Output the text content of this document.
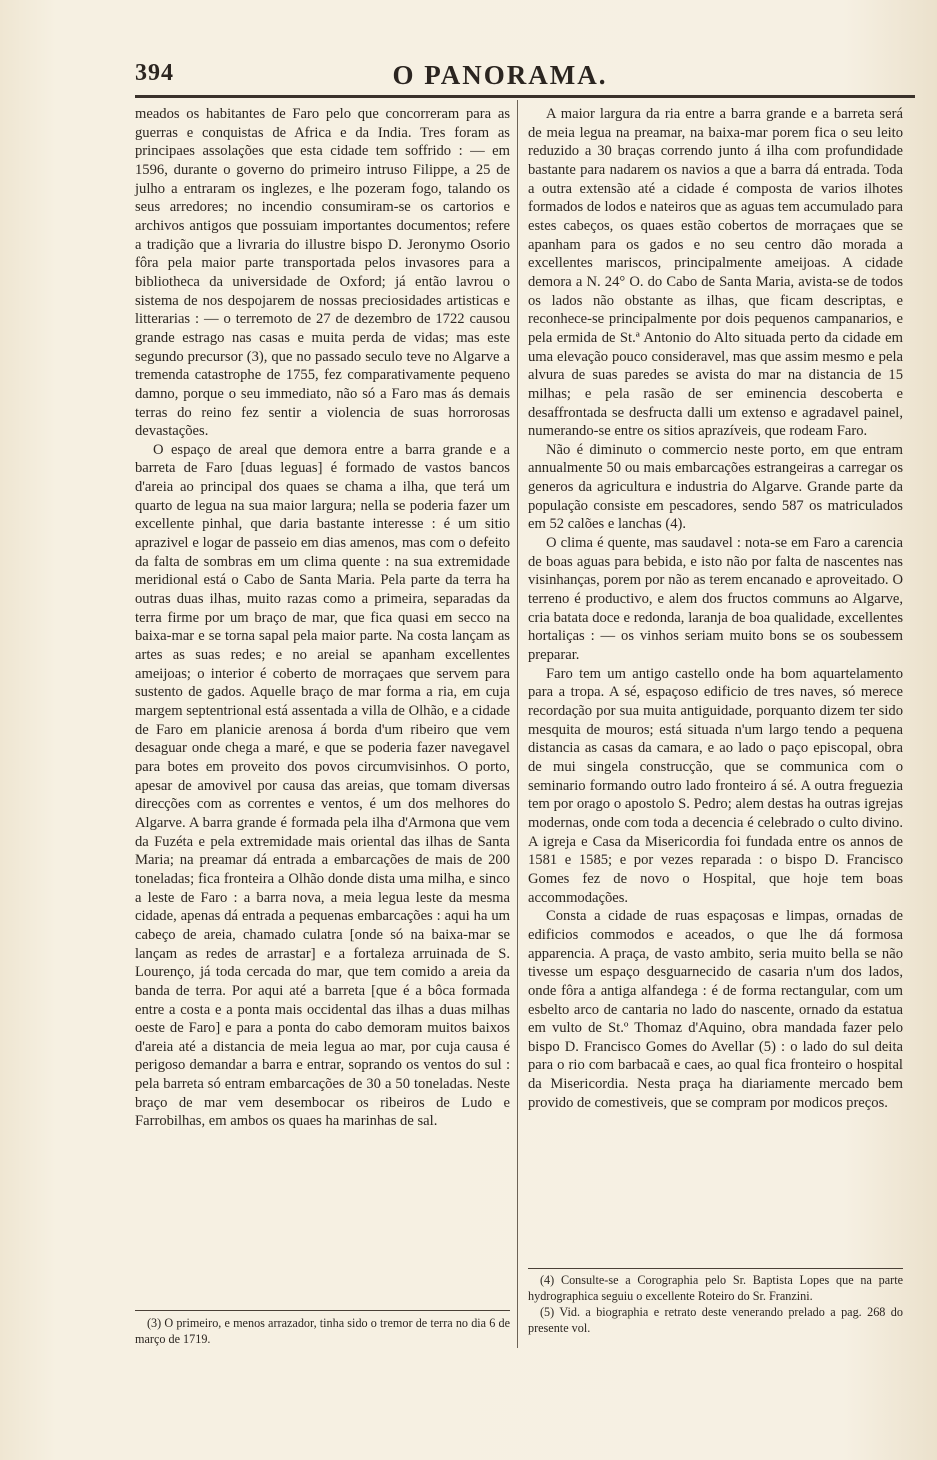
394	O PANORAMA.

meados os habitantes de Faro pelo que concorreram para as guerras e conquistas de Africa e da India. Tres foram as principaes assolações que esta cidade tem soffrido : — em 1596, durante o governo do primeiro intruso Filippe, a 25 de julho a entraram os inglezes, e lhe pozeram fogo, talando os seus arredores; no incendio consumiram-se os cartorios e archivos antigos que possuiam importantes documentos; refere a tradição que a livraria do illustre bispo D. Jeronymo Osorio fôra pela maior parte transportada pelos invasores para a bibliotheca da universidade de Oxford; já então lavrou o sistema de nos despojarem de nossas preciosidades artisticas e litterarias : — o terremoto de 27 de dezembro de 1722 causou grande estrago nas casas e muita perda de vidas; mas este segundo precursor (3), que no passado seculo teve no Algarve a tremenda catastrophe de 1755, fez comparativamente pequeno damno, porque o seu immediato, não só a Faro mas ás demais terras do reino fez sentir a violencia de suas horrorosas devastações.

O espaço de areal que demora entre a barra grande e a barreta de Faro [duas leguas] é formado de vastos bancos d'areia ao principal dos quaes se chama a ilha, que terá um quarto de legua na sua maior largura; nella se poderia fazer um excellente pinhal, que daria bastante interesse : é um sitio aprazivel e logar de passeio em dias amenos, mas com o defeito da falta de sombras em um clima quente : na sua extremidade meridional está o Cabo de Santa Maria. Pela parte da terra ha outras duas ilhas, muito razas como a primeira, separadas da terra firme por um braço de mar, que fica quasi em secco na baixa-mar e se torna sapal pela maior parte. Na costa lançam as artes as suas redes; e no areial se apanham excellentes ameijoas; o interior é coberto de morraçaes que servem para sustento de gados. Aquelle braço de mar forma a ria, em cuja margem septentrional está assentada a villa de Olhão, e a cidade de Faro em planicie arenosa á borda d'um ribeiro que vem desaguar onde chega a maré, e que se poderia fazer navegavel para botes em proveito dos povos circumvisinhos. O porto, apesar de amovivel por causa das areias, que tomam diversas direcções com as correntes e ventos, é um dos melhores do Algarve. A barra grande é formada pela ilha d'Armona que vem da Fuzéta e pela extremidade mais oriental das ilhas de Santa Maria; na preamar dá entrada a embarcações de mais de 200 toneladas; fica fronteira a Olhão donde dista uma milha, e sinco a leste de Faro : a barra nova, a meia legua leste da mesma cidade, apenas dá entrada a pequenas embarcações : aqui ha um cabeço de areia, chamado culatra [onde só na baixa-mar se lançam as redes de arrastar] e a fortaleza arruinada de S. Lourenço, já toda cercada do mar, que tem comido a areia da banda de terra. Por aqui até a barreta [que é a bôca formada entre a costa e a ponta mais occidental das ilhas a duas milhas oeste de Faro] e para a ponta do cabo demoram muitos baixos d'areia até a distancia de meia legua ao mar, por cuja causa é perigoso demandar a barra e entrar, soprando os ventos do sul : pela barreta só entram embarcações de 30 a 50 toneladas. Neste braço de mar vem desembocar os ribeiros de Ludo e Farrobilhas, em ambos os quaes ha marinhas de sal.

A maior largura da ria entre a barra grande e a barreta será de meia legua na preamar, na baixa-mar porem fica o seu leito reduzido a 30 braças correndo junto á ilha com profundidade bastante para nadarem os navios a que a barra dá entrada. Toda a outra extensão até a cidade é composta de varios ilhotes formados de lodos e nateiros que as aguas tem accumulado para estes cabeços, os quaes estão cobertos de morraçaes que se apanham para os gados e no seu centro dão morada a excellentes mariscos, principalmente ameijoas. A cidade demora a N. 24° O. do Cabo de Santa Maria, avista-se de todos os lados não obstante as ilhas, que ficam descriptas, e reconhece-se principalmente por dois pequenos campanarios, e pela ermida de St.ª Antonio do Alto situada perto da cidade em uma elevação pouco consideravel, mas que assim mesmo e pela alvura de suas paredes se avista do mar na distancia de 15 milhas; e pela rasão de ser eminencia descoberta e desaffrontada se desfructa dalli um extenso e agradavel painel, numerando-se entre os sitios aprazíveis, que rodeam Faro.

Não é diminuto o commercio neste porto, em que entram annualmente 50 ou mais embarcações estrangeiras a carregar os generos da agricultura e industria do Algarve. Grande parte da população consiste em pescadores, sendo 587 os matriculados em 52 calões e lanchas (4).

O clima é quente, mas saudavel : nota-se em Faro a carencia de boas aguas para bebida, e isto não por falta de nascentes nas visinhanças, porem por não as terem encanado e aproveitado. O terreno é productivo, e alem dos fructos communs ao Algarve, cria batata doce e redonda, laranja de boa qualidade, excellentes hortaliças : — os vinhos seriam muito bons se os soubessem preparar.

Faro tem um antigo castello onde ha bom aquartelamento para a tropa. A sé, espaçoso edificio de tres naves, só merece recordação por sua muita antiguidade, porquanto dizem ter sido mesquita de mouros; está situada n'um largo tendo a pequena distancia as casas da camara, e ao lado o paço episcopal, obra de mui singela construcção, que se communica com o seminario formando outro lado fronteiro á sé. A outra freguezia tem por orago o apostolo S. Pedro; alem destas ha outras igrejas modernas, onde com toda a decencia é celebrado o culto divino. A igreja e Casa da Misericordia foi fundada entre os annos de 1581 e 1585; e por vezes reparada : o bispo D. Francisco Gomes fez de novo o Hospital, que hoje tem boas accommodações.

Consta a cidade de ruas espaçosas e limpas, ornadas de edificios commodos e aceados, o que lhe dá formosa apparencia. A praça, de vasto ambito, seria muito bella se não tivesse um espaço desguarnecido de casaria n'um dos lados, onde fôra a antiga alfandega : é de forma rectangular, com um esbelto arco de cantaria no lado do nascente, ornado da estatua em vulto de St.º Thomaz d'Aquino, obra mandada fazer pelo bispo D. Francisco Gomes do Avellar (5) : o lado do sul deita para o rio com barbacaã e caes, ao qual fica fronteiro o hospital da Misericordia. Nesta praça ha diariamente mercado bem provido de comestiveis, que se compram por modicos preços.

(3) O primeiro, e menos arrazador, tinha sido o tremor de terra no dia 6 de março de 1719.

(4) Consulte-se a Corographia pelo Sr. Baptista Lopes que na parte hydrographica seguiu o excellente Roteiro do Sr. Franzini.

(5) Vid. a biographia e retrato deste venerando prelado a pag. 268 do presente vol.
